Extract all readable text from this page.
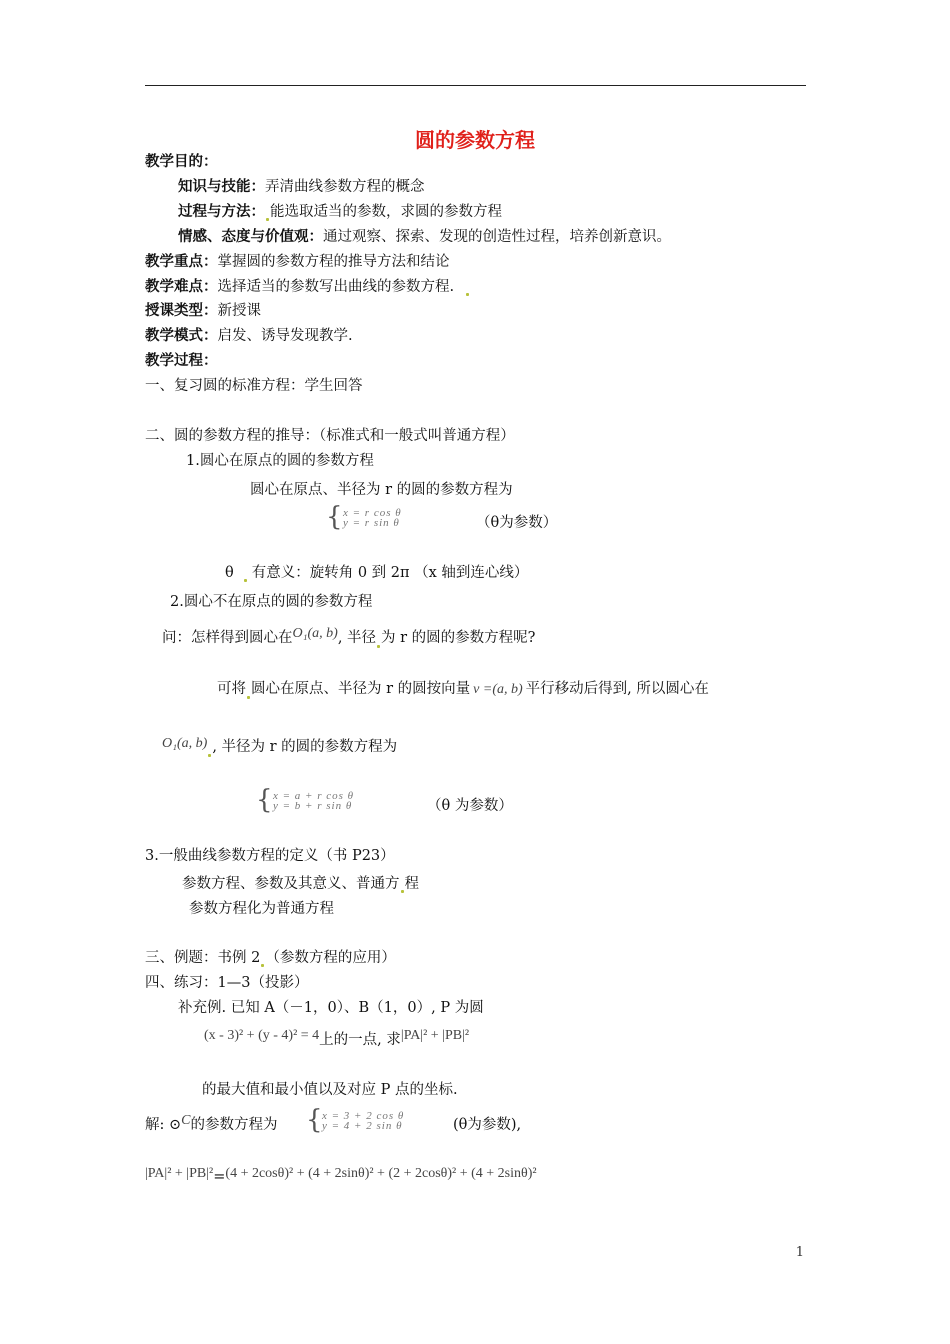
圆的参数方程
教学目的：
知识与技能：弄清曲线参数方程的概念
过程与方法： 能选取适当的参数，求圆的参数方程
情感、态度与价值观：通过观察、探索、发现的创造性过程，培养创新意识。
教学重点：掌握圆的参数方程的推导方法和结论
教学难点：选择适当的参数写出曲线的参数方程.
授课类型：新授课
教学模式：启发、诱导发现教学.
教学过程：
一、复习圆的标准方程：学生回答
二、圆的参数方程的推导：（标准式和一般式叫普通方程）
1.圆心在原点的圆的参数方程
圆心在原点、半径为 r 的圆的参数方程为
{ x = r cos θ
y = r sin θ	（θ为参数）
θ 有意义：旋转角 0 到 2π （x 轴到连心线）
2.圆心不在原点的圆的参数方程
问：怎样得到圆心在O₁(a, b), 半径 为 r 的圆的参数方程呢?
可将 圆心在原点、半径为 r 的圆按向量 v =(a, b) 平行移动后得到, 所以圆心在
O₁(a, b) , 半径为 r 的圆的参数方程为
{ x = a + r cos θ
y = b + r sin θ	（θ 为参数）
3.一般曲线参数方程的定义（书 P23）
参数方程、参数及其意义、普通方 程
参数方程化为普通方程
三、例题：书例 2 （参数方程的应用）
四、练习：1—3（投影）
补充例. 已知 A（－1，0）、B（1，0）, P 为圆
(x - 3)² + (y - 4)² = 4上的一点, 求|PA|² + |PB|²
的最大值和最小值以及对应 P 点的坐标.
解: ⊙C的参数方程为 { x = 3 + 2 cos θ
y = 4 + 2 sin θ	(θ为参数),
|PA|² + |PB|²=(4 + 2cosθ)² + (4 + 2sinθ)² + (2 + 2cosθ)² + (4 + 2sinθ)²
1
